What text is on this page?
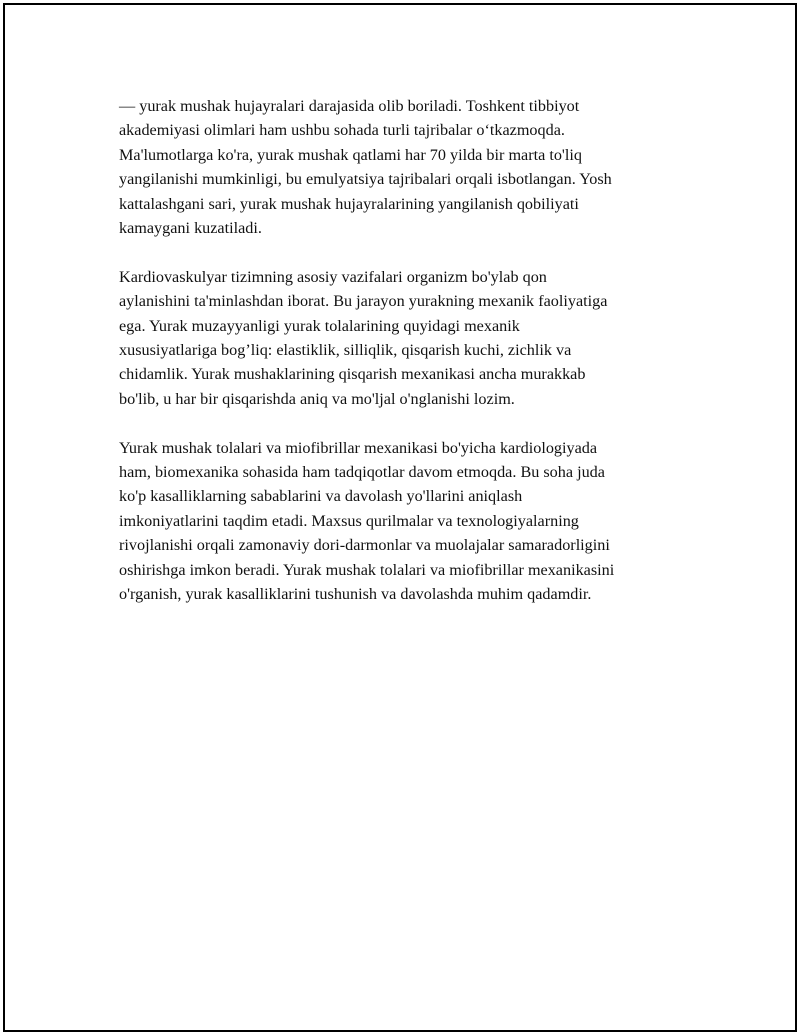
— yurak mushak hujayralari darajasida olib boriladi. Toshkent tibbiyot
akademiyasi olimlari ham ushbu sohada turli tajribalar o‘tkazmoqda.
Ma'lumotlarga ko'ra, yurak mushak qatlami har 70 yilda bir marta to'liq
yangilanishi mumkinligi, bu emulyatsiya tajribalari orqali isbotlangan. Yosh
kattalashgani sari, yurak mushak hujayralarining yangilanish qobiliyati
kamaygani kuzatiladi.

Kardiovaskulyar tizimning asosiy vazifalari organizm bo'ylab qon
aylanishini ta'minlashdan iborat. Bu jarayon yurakning mexanik faoliyatiga
ega. Yurak muzayyanligi yurak tolalarining quyidagi mexanik
xususiyatlariga bog’liq: elastiklik, silliqlik, qisqarish kuchi, zichlik va
chidamlik. Yurak mushaklarining qisqarish mexanikasi ancha murakkab
bo'lib, u har bir qisqarishda aniq va mo'ljal o'nglanishi lozim.

Yurak mushak tolalari va miofibrillar mexanikasi bo'yicha kardiologiyada
ham, biomexanika sohasida ham tadqiqotlar davom etmoqda. Bu soha juda
ko'p kasalliklarning sabablarini va davolash yo'llarini aniqlash
imkoniyatlarini taqdim etadi. Maxsus qurilmalar va texnologiyalarning
rivojlanishi orqali zamonaviy dori-darmonlar va muolajalar samaradorligini
oshirishga imkon beradi. Yurak mushak tolalari va miofibrillar mexanikasini
o'rganish, yurak kasalliklarini tushunish va davolashda muhim qadamdir.
